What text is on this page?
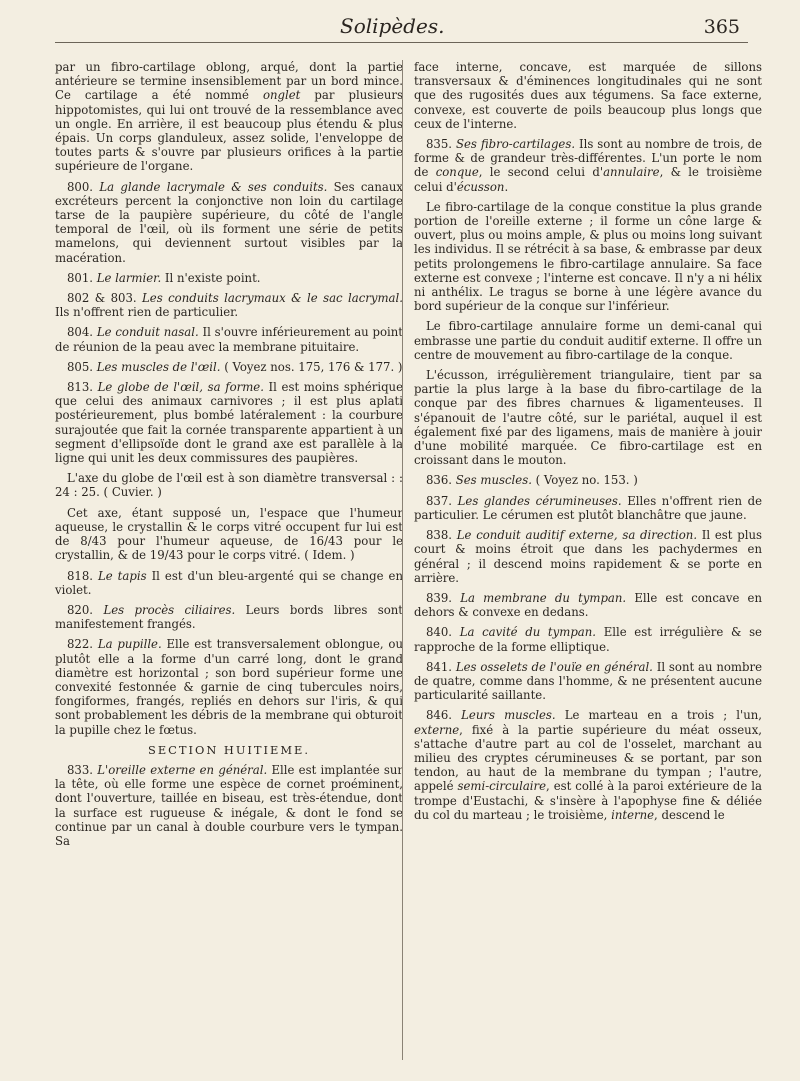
Solipèdes.	365

par un fibro-cartilage oblong, arqué, dont la partie antérieure se termine insensiblement par un bord mince. Ce cartilage a été nommé onglet par plusieurs hippotomistes, qui lui ont trouvé de la ressemblance avec un ongle. En arrière, il est beaucoup plus étendu & plus épais. Un corps glanduleux, assez solide, l'enveloppe de toutes parts & s'ouvre par plusieurs orifices à la partie supérieure de l'organe.

800. La glande lacrymale & ses conduits. Ses canaux excréteurs percent la conjonctive non loin du cartilage tarse de la paupière supérieure, du côté de l'angle temporal de l'œil, où ils forment une série de petits mamelons, qui deviennent surtout visibles par la macération.

801. Le larmier. Il n'existe point.

802 & 803. Les conduits lacrymaux & le sac lacrymal. Ils n'offrent rien de particulier.

804. Le conduit nasal. Il s'ouvre inférieurement au point de réunion de la peau avec la membrane pituitaire.

805. Les muscles de l'œil. ( Voyez nos. 175, 176 & 177. )

813. Le globe de l'œil, sa forme. Il est moins sphérique que celui des animaux carnivores ; il est plus aplati postérieurement, plus bombé latéralement : la courbure surajoutée que fait la cornée transparente appartient à un segment d'ellipsoïde dont le grand axe est parallèle à la ligne qui unit les deux commissures des paupières.

L'axe du globe de l'œil est à son diamètre transversal : : 24 : 25. ( Cuvier. )

Cet axe, étant supposé un, l'espace que l'humeur aqueuse, le crystallin & le corps vitré occupent fur lui est de 8/43 pour l'humeur aqueuse, de 16/43 pour le crystallin, & de 19/43 pour le corps vitré. ( Idem. )

818. Le tapis Il est d'un bleu-argenté qui se change en violet.

820. Les procès ciliaires. Leurs bords libres sont manifestement frangés.

822. La pupille. Elle est transversalement oblongue, ou plutôt elle a la forme d'un carré long, dont le grand diamètre est horizontal ; son bord supérieur forme une convexité festonnée & garnie de cinq tubercules noirs, fongiformes, frangés, repliés en dehors sur l'iris, & qui sont probablement les débris de la membrane qui obturoit la pupille chez le fœtus.

SECTION HUITIEME.

833. L'oreille externe en général. Elle est implantée sur la tête, où elle forme une espèce de cornet proéminent, dont l'ouverture, taillée en biseau, est très-étendue, dont la surface est rugueuse & inégale, & dont le fond se continue par un canal à double courbure vers le tympan. Sa

face interne, concave, est marquée de sillons transversaux & d'éminences longitudinales qui ne sont que des rugosités dues aux tégumens. Sa face externe, convexe, est couverte de poils beaucoup plus longs que ceux de l'interne.

835. Ses fibro-cartilages. Ils sont au nombre de trois, de forme & de grandeur très-différentes. L'un porte le nom de conque, le second celui d'annulaire, & le troisième celui d'écusson.

Le fibro-cartilage de la conque constitue la plus grande portion de l'oreille externe ; il forme un cône large & ouvert, plus ou moins ample, & plus ou moins long suivant les individus. Il se rétrécit à sa base, & embrasse par deux petits prolongemens le fibro-cartilage annulaire. Sa face externe est convexe ; l'interne est concave. Il n'y a ni hélix ni anthélix. Le tragus se borne à une légère avance du bord supérieur de la conque sur l'inférieur.

Le fibro-cartilage annulaire forme un demi-canal qui embrasse une partie du conduit auditif externe. Il offre un centre de mouvement au fibro-cartilage de la conque.

L'écusson, irrégulièrement triangulaire, tient par sa partie la plus large à la base du fibro-cartilage de la conque par des fibres charnues & ligamenteuses. Il s'épanouit de l'autre côté, sur le pariétal, auquel il est également fixé par des ligamens, mais de manière à jouir d'une mobilité marquée. Ce fibro-cartilage est en croissant dans le mouton.

836. Ses muscles. ( Voyez no. 153. )

837. Les glandes cérumineuses. Elles n'offrent rien de particulier. Le cérumen est plutôt blanchâtre que jaune.

838. Le conduit auditif externe, sa direction. Il est plus court & moins étroit que dans les pachydermes en général ; il descend moins rapidement & se porte en arrière.

839. La membrane du tympan. Elle est concave en dehors & convexe en dedans.

840. La cavité du tympan. Elle est irrégulière & se rapproche de la forme elliptique.

841. Les osselets de l'ouïe en général. Il sont au nombre de quatre, comme dans l'homme, & ne présentent aucune particularité saillante.

846. Leurs muscles. Le marteau en a trois ; l'un, externe, fixé à la partie supérieure du méat osseux, s'attache d'autre part au col de l'osselet, marchant au milieu des cryptes cérumineuses & se portant, par son tendon, au haut de la membrane du tympan ; l'autre, appelé semi-circulaire, est collé à la paroi extérieure de la trompe d'Eustachi, & s'insère à l'apophyse fine & déliée du col du marteau ; le troisième, interne, descend le
